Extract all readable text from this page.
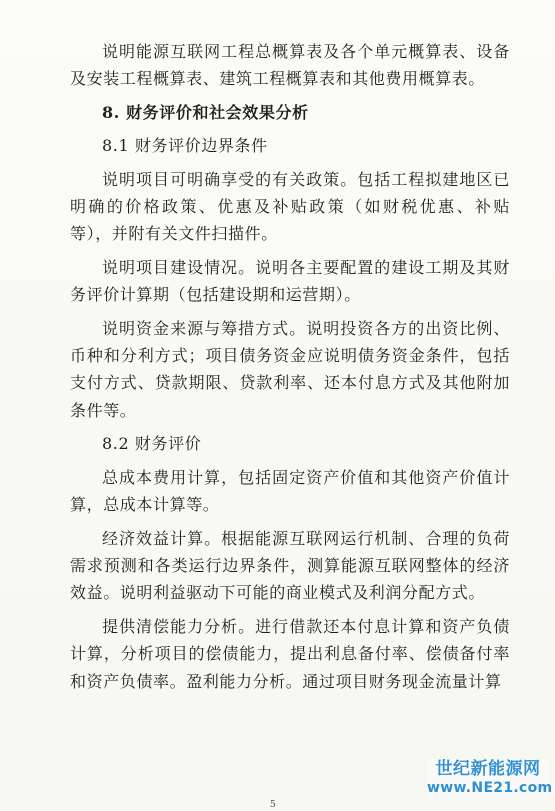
说明能源互联网工程总概算表及各个单元概算表、设备及安装工程概算表、建筑工程概算表和其他费用概算表。

8. 财务评价和社会效果分析

8.1 财务评价边界条件

说明项目可明确享受的有关政策。包括工程拟建地区已明确的价格政策、优惠及补贴政策（如财税优惠、补贴等），并附有关文件扫描件。

说明项目建设情况。说明各主要配置的建设工期及其财务评价计算期（包括建设期和运营期）。

说明资金来源与筹措方式。说明投资各方的出资比例、币种和分利方式；项目债务资金应说明债务资金条件，包括支付方式、贷款期限、贷款利率、还本付息方式及其他附加条件等。

8.2 财务评价

总成本费用计算，包括固定资产价值和其他资产价值计算，总成本计算等。

经济效益计算。根据能源互联网运行机制、合理的负荷需求预测和各类运行边界条件，测算能源互联网整体的经济效益。说明利益驱动下可能的商业模式及利润分配方式。

提供清偿能力分析。进行借款还本付息计算和资产负债计算，分析项目的偿债能力，提出利息备付率、偿债备付率和资产负债率。盈利能力分析。通过项目财务现金流量计算

5
世纪新能源网
www.NE21.com
